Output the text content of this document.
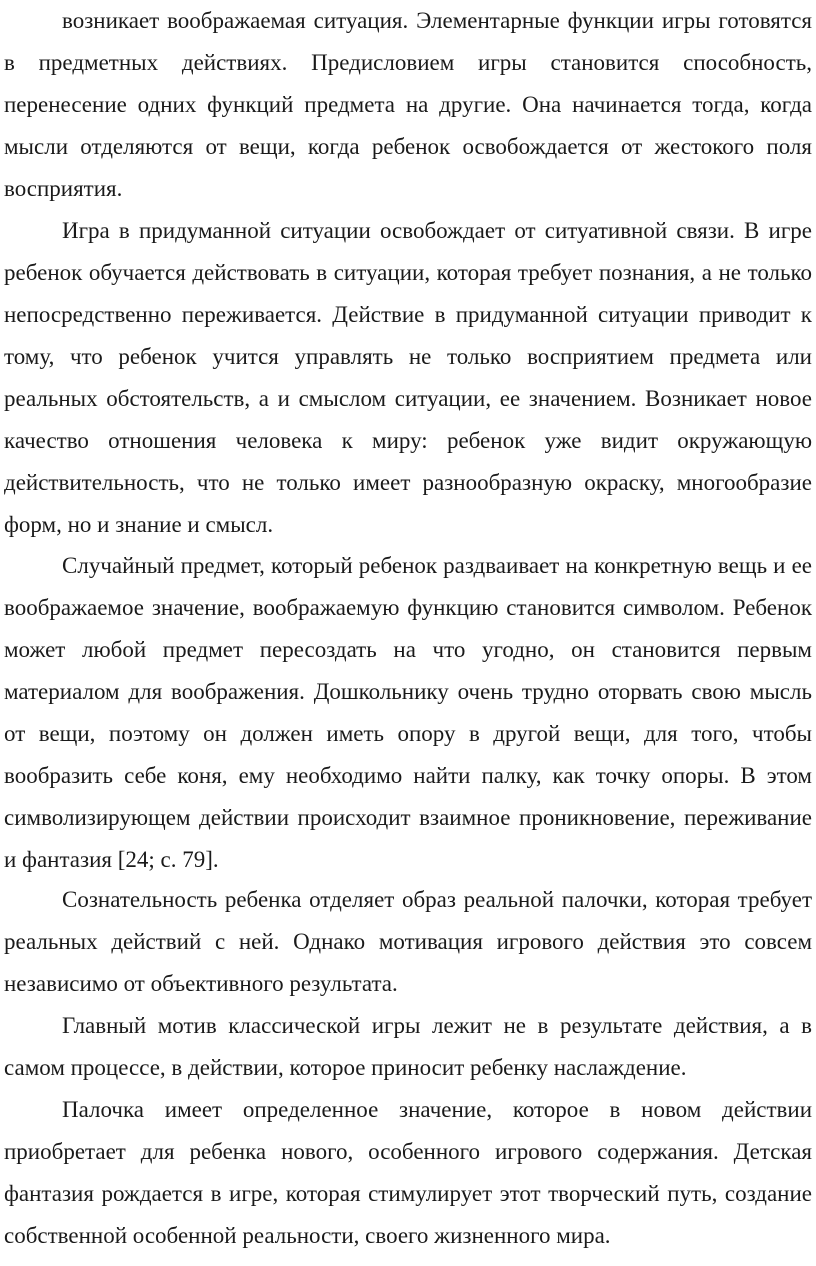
возникает воображаемая ситуация. Элементарные функции игры готовятся в предметных действиях. Предисловием игры становится способность, перенесение одних функций предмета на другие. Она начинается тогда, когда мысли отделяются от вещи, когда ребенок освобождается от жестокого поля восприятия.

Игра в придуманной ситуации освобождает от ситуативной связи. В игре ребенок обучается действовать в ситуации, которая требует познания, а не только непосредственно переживается. Действие в придуманной ситуации приводит к тому, что ребенок учится управлять не только восприятием предмета или реальных обстоятельств, а и смыслом ситуации, ее значением. Возникает новое качество отношения человека к миру: ребенок уже видит окружающую действительность, что не только имеет разнообразную окраску, многообразие форм, но и знание и смысл.

Случайный предмет, который ребенок раздваивает на конкретную вещь и ее воображаемое значение, воображаемую функцию становится символом. Ребенок может любой предмет пересоздать на что угодно, он становится первым материалом для воображения. Дошкольнику очень трудно оторвать свою мысль от вещи, поэтому он должен иметь опору в другой вещи, для того, чтобы вообразить себе коня, ему необходимо найти палку, как точку опоры. В этом символизирующем действии происходит взаимное проникновение, переживание и фантазия [24; с. 79].

Сознательность ребенка отделяет образ реальной палочки, которая требует реальных действий с ней. Однако мотивация игрового действия это совсем независимо от объективного результата.

Главный мотив классической игры лежит не в результате действия, а в самом процессе, в действии, которое приносит ребенку наслаждение.

Палочка имеет определенное значение, которое в новом действии приобретает для ребенка нового, особенного игрового содержания. Детская фантазия рождается в игре, которая стимулирует этот творческий путь, создание собственной особенной реальности, своего жизненного мира.
